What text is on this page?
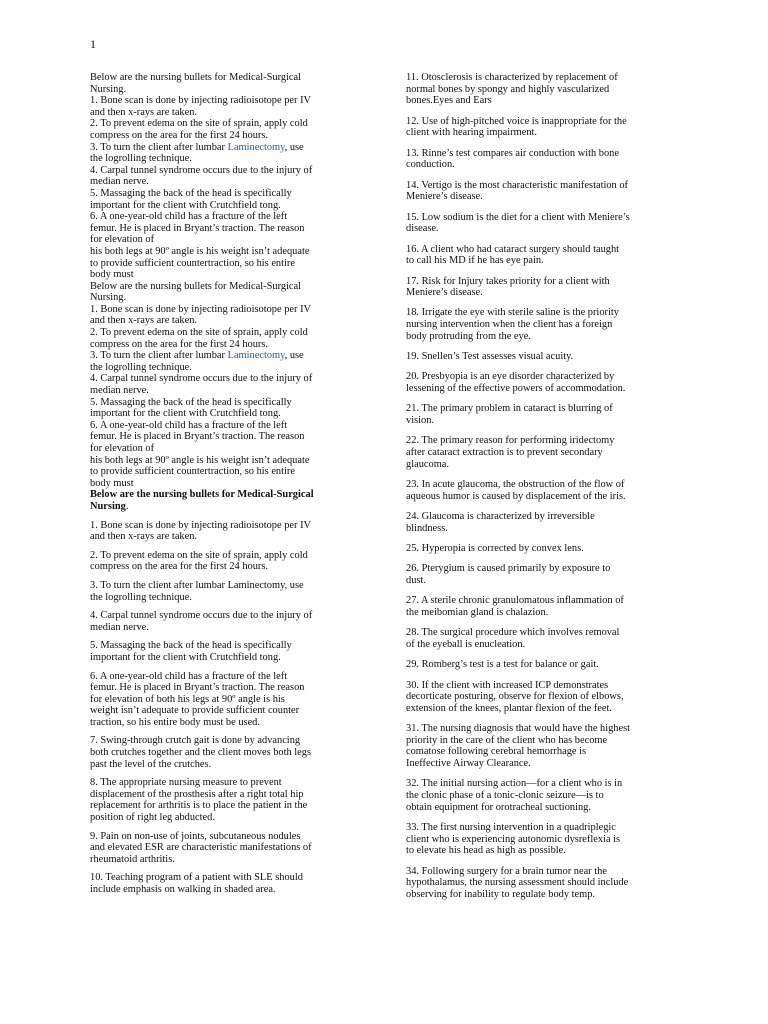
1
Below are the nursing bullets for Medical-Surgical
Nursing.
1. Bone scan is done by injecting radioisotope per IV
and then x-rays are taken.
2. To prevent edema on the site of sprain, apply cold
compress on the area for the first 24 hours.
3. To turn the client after lumbar Laminectomy, use
the logrolling technique.
4. Carpal tunnel syndrome occurs due to the injury of
median nerve.
5. Massaging the back of the head is specifically
important for the client with Crutchfield tong.
6. A one-year-old child has a fracture of the left
femur. He is placed in Bryant’s traction. The reason
for elevation of
his both legs at 90º angle is his weight isn’t adequate
to provide sufficient countertraction, so his entire
body must
Below are the nursing bullets for Medical-Surgical
Nursing.
1. Bone scan is done by injecting radioisotope per IV
and then x-rays are taken.
2. To prevent edema on the site of sprain, apply cold
compress on the area for the first 24 hours.
3. To turn the client after lumbar Laminectomy, use
the logrolling technique.
4. Carpal tunnel syndrome occurs due to the injury of
median nerve.
5. Massaging the back of the head is specifically
important for the client with Crutchfield tong.
6. A one-year-old child has a fracture of the left
femur. He is placed in Bryant’s traction. The reason
for elevation of
his both legs at 90º angle is his weight isn’t adequate
to provide sufficient countertraction, so his entire
body must
Below are the nursing bullets for Medical-Surgical
Nursing.
1. Bone scan is done by injecting radioisotope per IV
and then x-rays are taken.
2. To prevent edema on the site of sprain, apply cold
compress on the area for the first 24 hours.
3. To turn the client after lumbar Laminectomy, use
the logrolling technique.
4. Carpal tunnel syndrome occurs due to the injury of
median nerve.
5. Massaging the back of the head is specifically
important for the client with Crutchfield tong.
6. A one-year-old child has a fracture of the left
femur. He is placed in Bryant’s traction. The reason
for elevation of both his legs at 90º angle is his
weight isn’t adequate to provide sufficient counter
traction, so his entire body must be used.
7. Swing-through crutch gait is done by advancing
both crutches together and the client moves both legs
past the level of the crutches.
8. The appropriate nursing measure to prevent
displacement of the prosthesis after a right total hip
replacement for arthritis is to place the patient in the
position of right leg abducted.
9. Pain on non-use of joints, subcutaneous nodules
and elevated ESR are characteristic manifestations of
rheumatoid arthritis.
10. Teaching program of a patient with SLE should
include emphasis on walking in shaded area.
11. Otosclerosis is characterized by replacement of
normal bones by spongy and highly vascularized
bones.Eyes and Ears
12. Use of high-pitched voice is inappropriate for the
client with hearing impairment.
13. Rinne’s test compares air conduction with bone
conduction.
14. Vertigo is the most characteristic manifestation of
Meniere’s disease.
15. Low sodium is the diet for a client with Meniere’s
disease.
16. A client who had cataract surgery should taught
to call his MD if he has eye pain.
17. Risk for Injury takes priority for a client with
Meniere’s disease.
18. Irrigate the eye with sterile saline is the priority
nursing intervention when the client has a foreign
body protruding from the eye.
19. Snellen’s Test assesses visual acuity.
20. Presbyopia is an eye disorder characterized by
lessening of the effective powers of accommodation.
21. The primary problem in cataract is blurring of
vision.
22. The primary reason for performing iridectomy
after cataract extraction is to prevent secondary
glaucoma.
23. In acute glaucoma, the obstruction of the flow of
aqueous humor is caused by displacement of the iris.
24. Glaucoma is characterized by irreversible
blindness.
25. Hyperopia is corrected by convex lens.
26. Pterygium is caused primarily by exposure to
dust.
27. A sterile chronic granulomatous inflammation of
the meibomian gland is chalazion.
28. The surgical procedure which involves removal
of the eyeball is enucleation.
29. Romberg’s test is a test for balance or gait.
30. If the client with increased ICP demonstrates
decorticate posturing, observe for flexion of elbows,
extension of the knees, plantar flexion of the feet.
31. The nursing diagnosis that would have the highest
priority in the care of the client who has become
comatose following cerebral hemorrhage is
Ineffective Airway Clearance.
32. The initial nursing action—for a client who is in
the clonic phase of a tonic-clonic seizure—is to
obtain equipment for orotracheal suctioning.
33. The first nursing intervention in a quadriplegic
client who is experiencing autonomic dysreflexia is
to elevate his head as high as possible.
34. Following surgery for a brain tumor near the
hypothalamus, the nursing assessment should include
observing for inability to regulate body temp.
